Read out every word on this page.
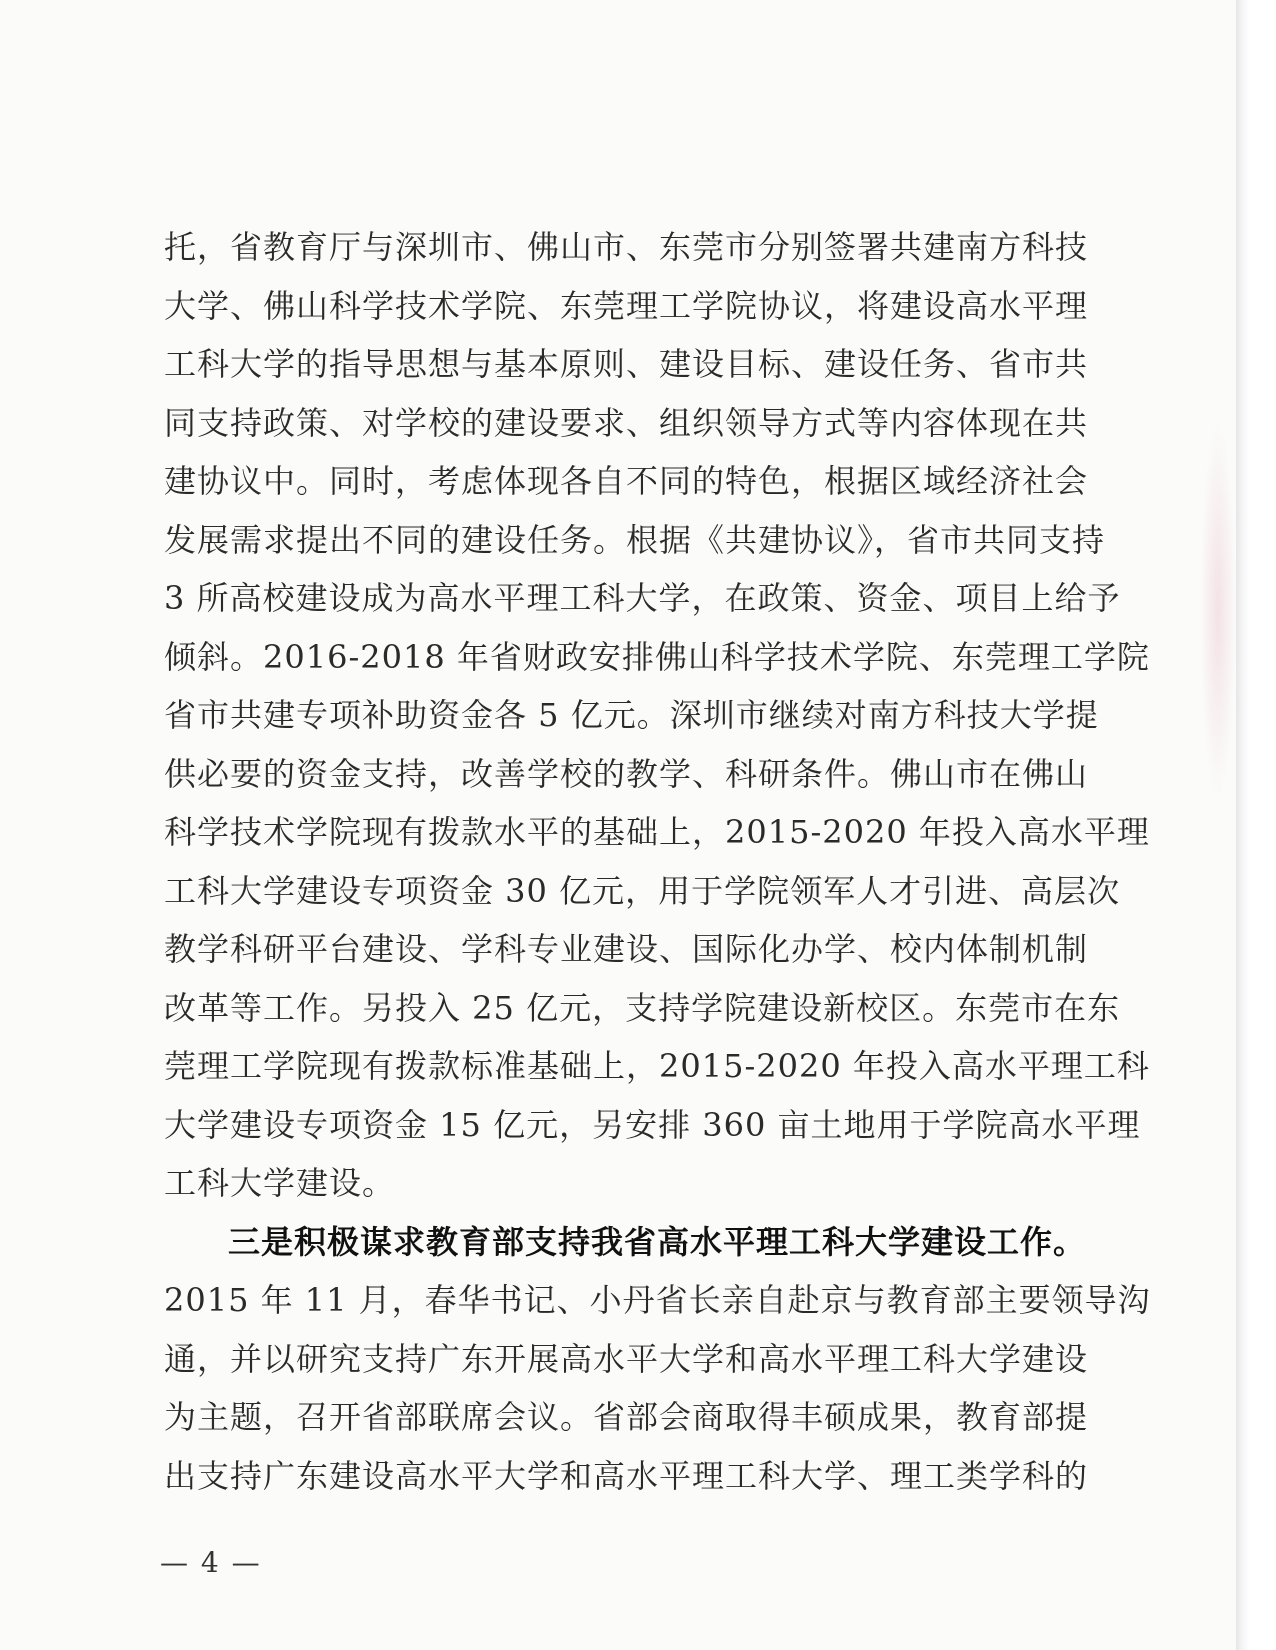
托，省教育厅与深圳市、佛山市、东莞市分别签署共建南方科技
大学、佛山科学技术学院、东莞理工学院协议，将建设高水平理
工科大学的指导思想与基本原则、建设目标、建设任务、省市共
同支持政策、对学校的建设要求、组织领导方式等内容体现在共
建协议中。同时，考虑体现各自不同的特色，根据区域经济社会
发展需求提出不同的建设任务。根据《共建协议》，省市共同支持
3 所高校建设成为高水平理工科大学，在政策、资金、项目上给予
倾斜。2016-2018 年省财政安排佛山科学技术学院、东莞理工学院
省市共建专项补助资金各 5 亿元。深圳市继续对南方科技大学提
供必要的资金支持，改善学校的教学、科研条件。佛山市在佛山
科学技术学院现有拨款水平的基础上，2015-2020 年投入高水平理
工科大学建设专项资金 30 亿元，用于学院领军人才引进、高层次
教学科研平台建设、学科专业建设、国际化办学、校内体制机制
改革等工作。另投入 25 亿元，支持学院建设新校区。东莞市在东
莞理工学院现有拨款标准基础上，2015-2020 年投入高水平理工科
大学建设专项资金 15 亿元，另安排 360 亩土地用于学院高水平理
工科大学建设。
三是积极谋求教育部支持我省高水平理工科大学建设工作。
2015 年 11 月，春华书记、小丹省长亲自赴京与教育部主要领导沟
通，并以研究支持广东开展高水平大学和高水平理工科大学建设
为主题，召开省部联席会议。省部会商取得丰硕成果，教育部提
出支持广东建设高水平大学和高水平理工科大学、理工类学科的
— 4 —
